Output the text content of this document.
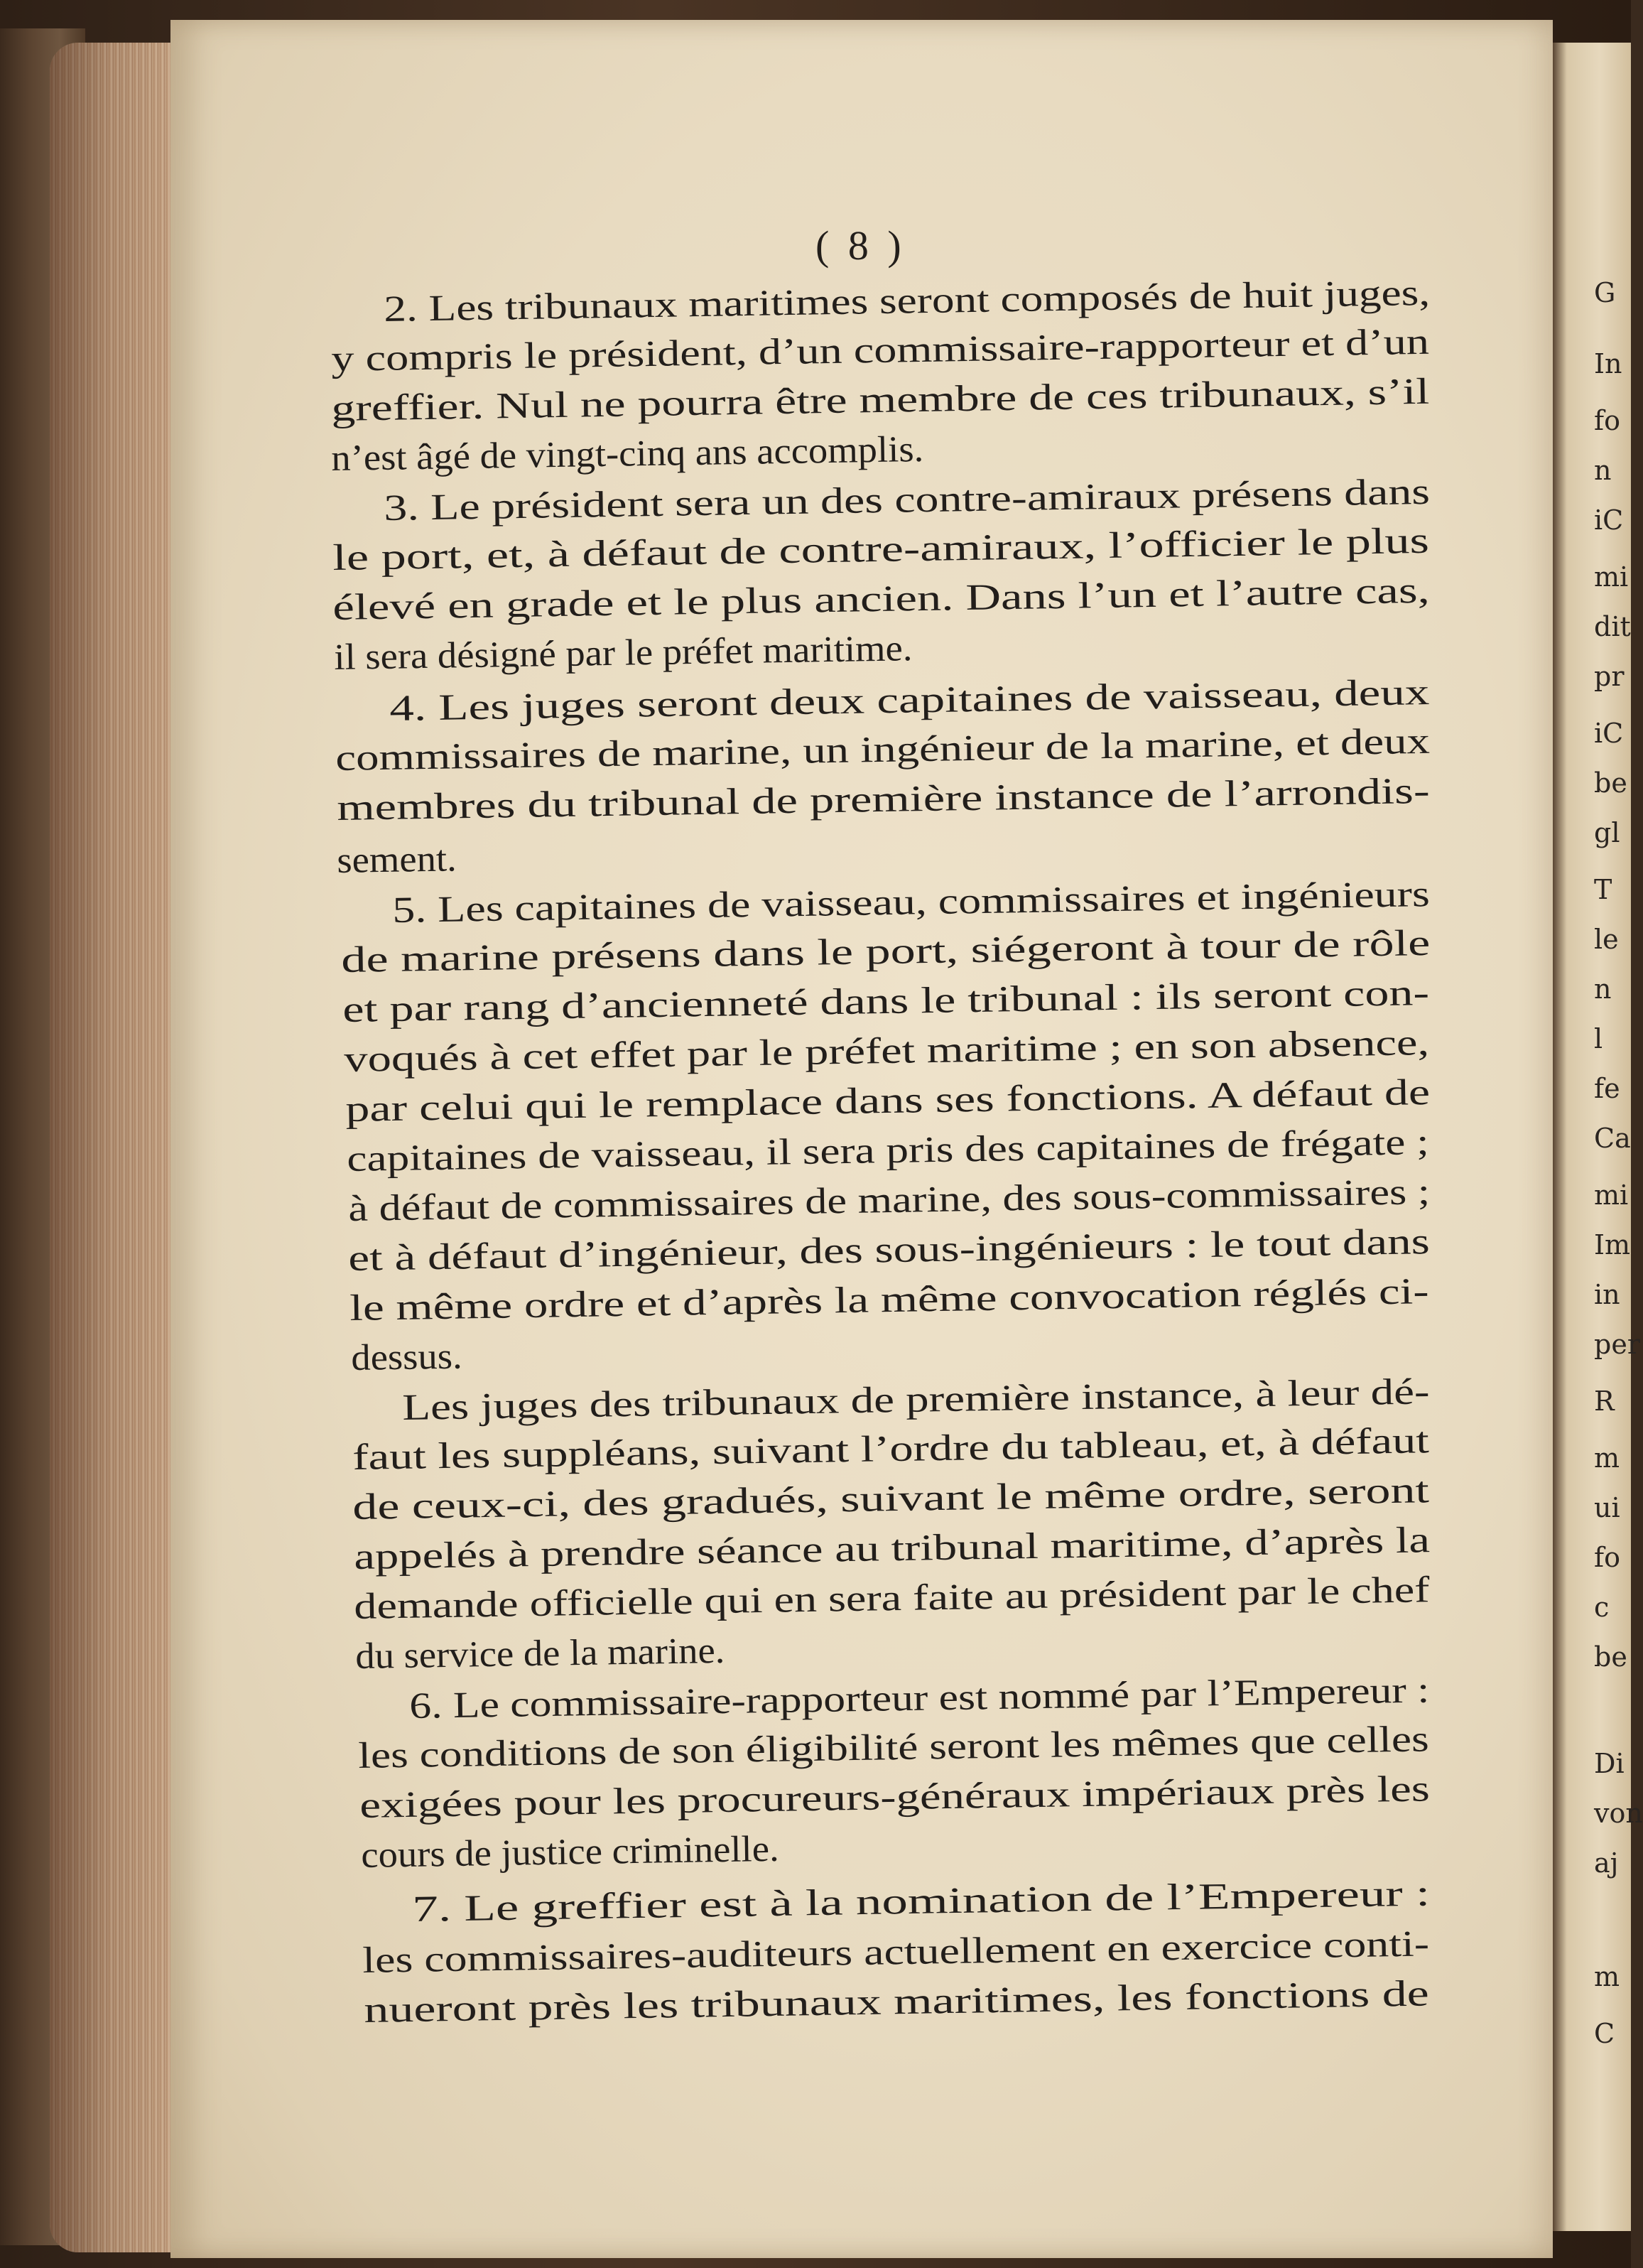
G
In
fo
n
iC
mi
dit
pr
iC
be
gl
T
le
n
l
fe
Ca
mi
Im
in
per
R
m
ui
fo
c
be
Di
von
aj
m
C
( 8 )
2. Les tribunaux maritimes seront composés de huit juges,
y compris le président, d’un commissaire-rapporteur et d’un
greffier. Nul ne pourra être membre de ces tribunaux, s’il
n’est âgé de vingt-cinq ans accomplis.
3. Le président sera un des contre-amiraux présens dans
le port, et, à défaut de contre-amiraux, l’officier le plus
élevé en grade et le plus ancien. Dans l’un et l’autre cas,
il sera désigné par le préfet maritime.
4. Les juges seront deux capitaines de vaisseau, deux
commissaires de marine, un ingénieur de la marine, et deux
membres du tribunal de première instance de l’arrondis-
sement.
5. Les capitaines de vaisseau, commissaires et ingénieurs
de marine présens dans le port, siégeront à tour de rôle
et par rang d’ancienneté dans le tribunal : ils seront con-
voqués à cet effet par le préfet maritime ; en son absence,
par celui qui le remplace dans ses fonctions. A défaut de
capitaines de vaisseau, il sera pris des capitaines de frégate ;
à défaut de commissaires de marine, des sous-commissaires ;
et à défaut d’ingénieur, des sous-ingénieurs : le tout dans
le même ordre et d’après la même convocation réglés ci-
dessus.
Les juges des tribunaux de première instance, à leur dé-
faut les suppléans, suivant l’ordre du tableau, et, à défaut
de ceux-ci, des gradués, suivant le même ordre, seront
appelés à prendre séance au tribunal maritime, d’après la
demande officielle qui en sera faite au président par le chef
du service de la marine.
6. Le commissaire-rapporteur est nommé par l’Empereur :
les conditions de son éligibilité seront les mêmes que celles
exigées pour les procureurs-généraux impériaux près les
cours de justice criminelle.
7. Le greffier est à la nomination de l’Empereur :
les commissaires-auditeurs actuellement en exercice conti-
nueront près les tribunaux maritimes, les fonctions de
